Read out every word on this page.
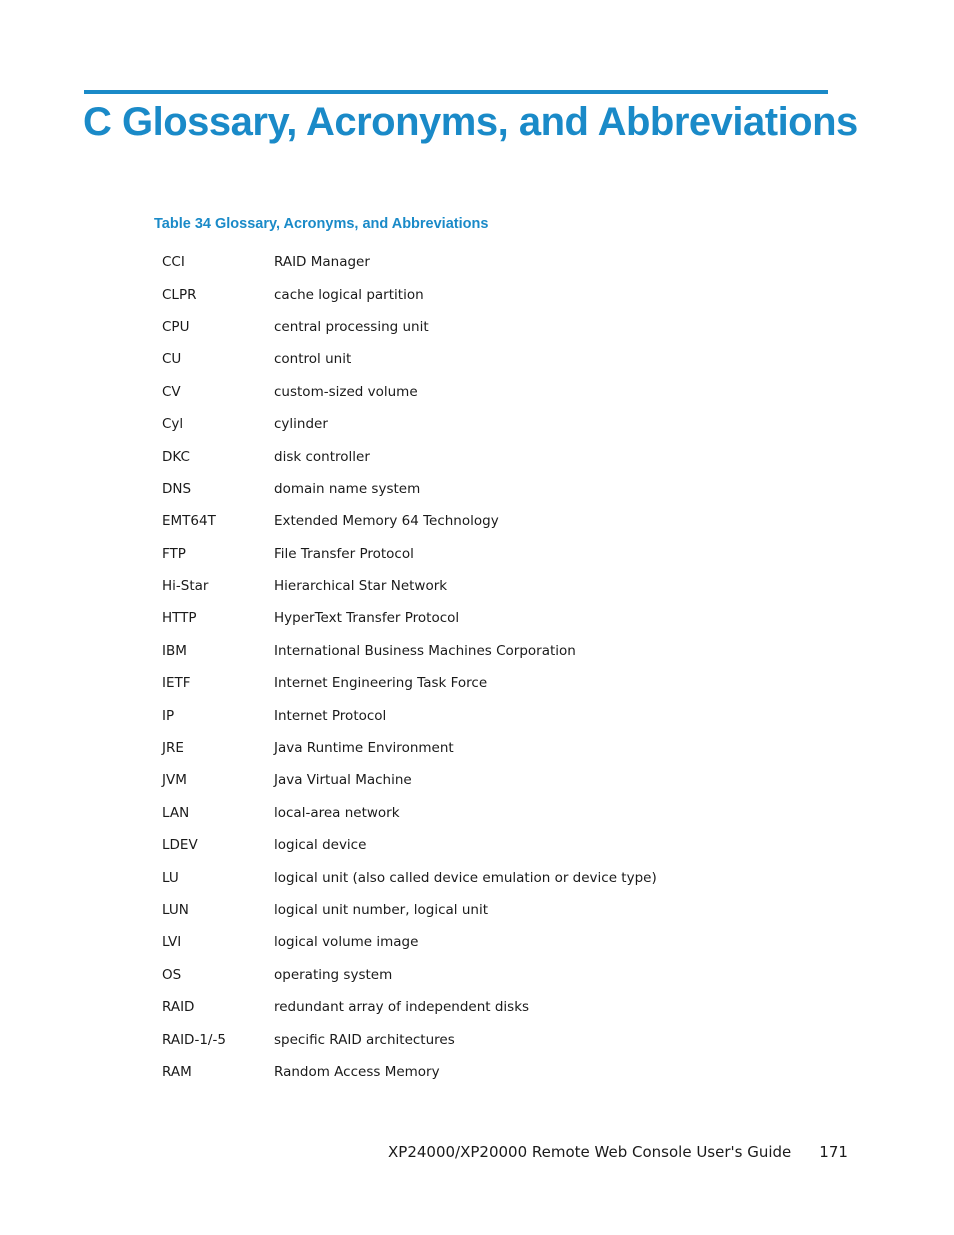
C Glossary, Acronyms, and Abbreviations
Table 34 Glossary, Acronyms, and Abbreviations
CCI	RAID Manager
CLPR	cache logical partition
CPU	central processing unit
CU	control unit
CV	custom-sized volume
Cyl	cylinder
DKC	disk controller
DNS	domain name system
EMT64T	Extended Memory 64 Technology
FTP	File Transfer Protocol
Hi-Star	Hierarchical Star Network
HTTP	HyperText Transfer Protocol
IBM	International Business Machines Corporation
IETF	Internet Engineering Task Force
IP	Internet Protocol
JRE	Java Runtime Environment
JVM	Java Virtual Machine
LAN	local-area network
LDEV	logical device
LU	logical unit (also called device emulation or device type)
LUN	logical unit number, logical unit
LVI	logical volume image
OS	operating system
RAID	redundant array of independent disks
RAID-1/-5	specific RAID architectures
RAM	Random Access Memory
XP24000/XP20000 Remote Web Console User's Guide 171
